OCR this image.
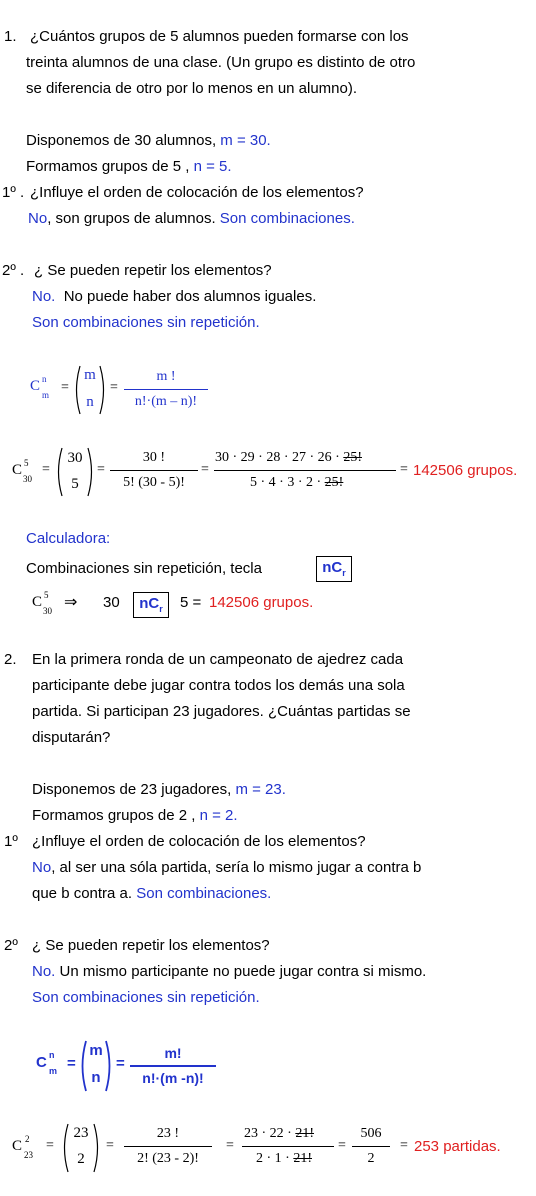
1. ¿Cuántos grupos de 5 alumnos pueden formarse con los
treinta alumnos de una clase. (Un grupo es distinto de otro
se diferencia de otro por lo menos en un alumno).
Disponemos de 30 alumnos, m = 30.
Formamos grupos de 5 , n = 5.
1º . ¿Influye el orden de colocación de los elementos?
No, son grupos de alumnos. Son combinaciones.
2º . ¿ Se pueden repetir los elementos?
No. No puede haber dos alumnos iguales.
Son combinaciones sin repetición.
C n
m =
m
n
=
m !
n!·(m – n)!
C 5
30
=
30
5
=
30 !
5! (30 - 5)!
=
30 · 29 · 28 · 27 · 26 · 25!
5 · 4 · 3 · 2 · 25!
= 142506 grupos.
Calculadora:
Combinaciones sin repetición, tecla	$nC_r$
C 5
30 ⇒ 30	$nC_r$	5 = 142506 grupos.
2. En la primera ronda de un campeonato de ajedrez cada
participante debe jugar contra todos los demás una sola
partida. Si participan 23 jugadores. ¿Cuántas partidas se
disputarán?
Disponemos de 23 jugadores, m = 23.
Formamos grupos de 2 , n = 2.
1º ¿Influye el orden de colocación de los elementos?
No, al ser una sóla partida, sería lo mismo jugar a contra b
que b contra a. Son combinaciones.
2º ¿ Se pueden repetir los elementos?
No. Un mismo participante no puede jugar contra si mismo.
Son combinaciones sin repetición.
C n
m =
m
n
=
m!
n!·(m -n)!
C 2
23
=
23
2
=
23 !
2! (23 - 2)!
=
23 · 22 · 21!
2 · 1 · 21!
=
506
2
= 253 partidas.
